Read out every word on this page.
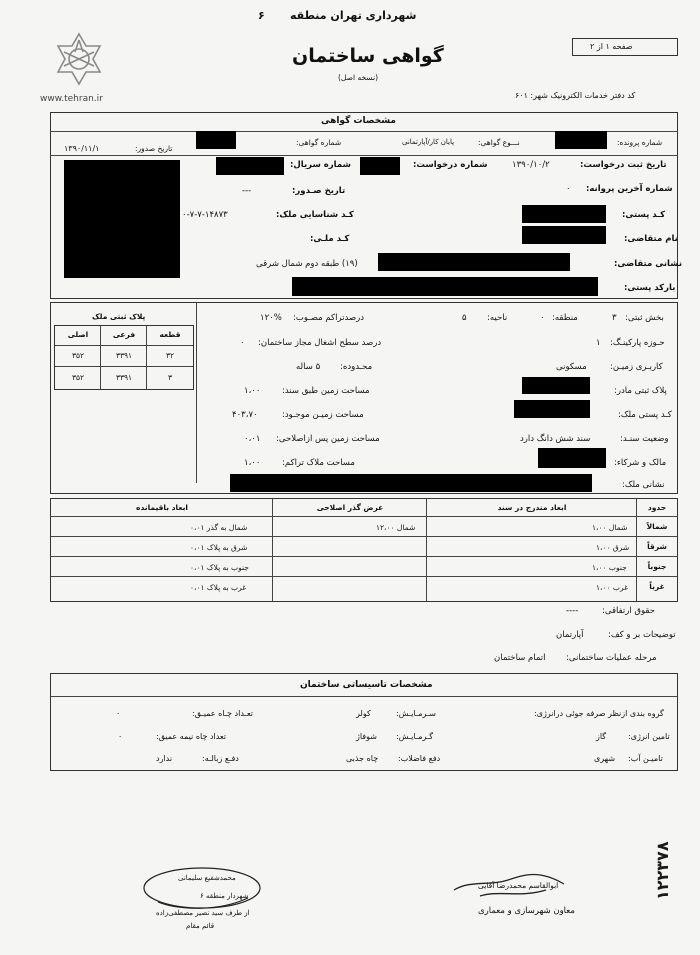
www.tehran.ir
شهرداری تهران منطقه
۶
گواهی ساختمان
(نسخه اصل)
کد دفتر خدمات الکترونیک شهر: ۶۰۱
صفحه ۱ از ۲
مشخصات گواهی
شماره پرونده:
نـــوع گواهی:
پایان کار/آپارتمانی
شماره گواهی:
تاریخ صدور:
۱۳۹۰/۱۱/۱
تاریخ ثبت درخواست:
۱۳۹۰/۱۰/۲
شماره درخواست:
شماره سریال:
شماره آخرین پروانه:
۰
تاریخ صـدور:
---
کـد پستی:
کـد شناسایی ملک:
۰-۷-۷-۱۴۸۷۳
نام متقاضی:
کـد ملـی:
نشانی متقاضی:
(۱۹) طبقه دوم شمال شرقی
بارکد پستی:
پلاک ثبتی ملک
قطعه
فرعی
اصلی
۳۲
۳۳۹۱
۳۵۲
۳
۳۳۹۱
۳۵۲
بخش ثبتی:
۳
منطقه:
۰
ناحیه:
۵
درصدتراکم مصـوب:
۱۲۰%
حـوزه پارکینـگ:
۱
درصد سطح اشغال مجاز ساختمان:
۰
کاربـری زمیـن:
مسکونی
محـدوده:
۵ ساله
پلاک ثبتی مادر:
مساحت زمین طبق سند:
۱،۰۰
کـد پستی ملک:
مساحت زمیـن موجـود:
۴۰۳،۷۰
وضعیت سنـد:
سند شش دانگ دارد
مساحت زمین پس ازاصلاحی:
۰،۰۱
مالک و شرکاء:
مساحت ملاک تراکم:
۱،۰۰
نشانی ملک:
حدود
ابعاد مندرج در سند
عرض گذر اصلاحی
ابعاد باقیمانده
شمالاً
شمال ۱،۰۰
شمال ۱۲،۰۰
شمال به گذر ۰،۰۱
شرقاً
شرق ۱،۰۰
شرق به پلاک ۰،۰۱
جنوباً
جنوب ۱،۰۰
جنوب به پلاک ۰،۰۱
غرباً
غرب ۱،۰۰
غرب به پلاک ۰،۰۱
حقوق ارتفاقی:
----
توضیحات بر و کف:
آپارتمان
مرحله عملیات ساختمانی:
اتمام ساختمان
مشخصات تاسیساتی ساختمان
گروه بندی ازنظر صرفه جوئی درانرژی:
سـرمـایـش:
کولر
تعـداد چـاه عمیـق:
۰
تامین انرژی:
گاز
گـرمـایـش:
شوفاژ
تعداد چاه نیمه عمیق:
۰
تامیـن آب:
شهری
دفع فاضلاب:
چاه جذبی
دفـع زبالـه:
ندارد
ابوالقاسم محمدرضا آقایی
معاون شهرسازی و معماری
محمدشفیع سلیمانی
شهردار منطقه ۶
از طرف سید نصیر مصطفی‌زاده
قائم مقام
۱۲۲۳۷۸
